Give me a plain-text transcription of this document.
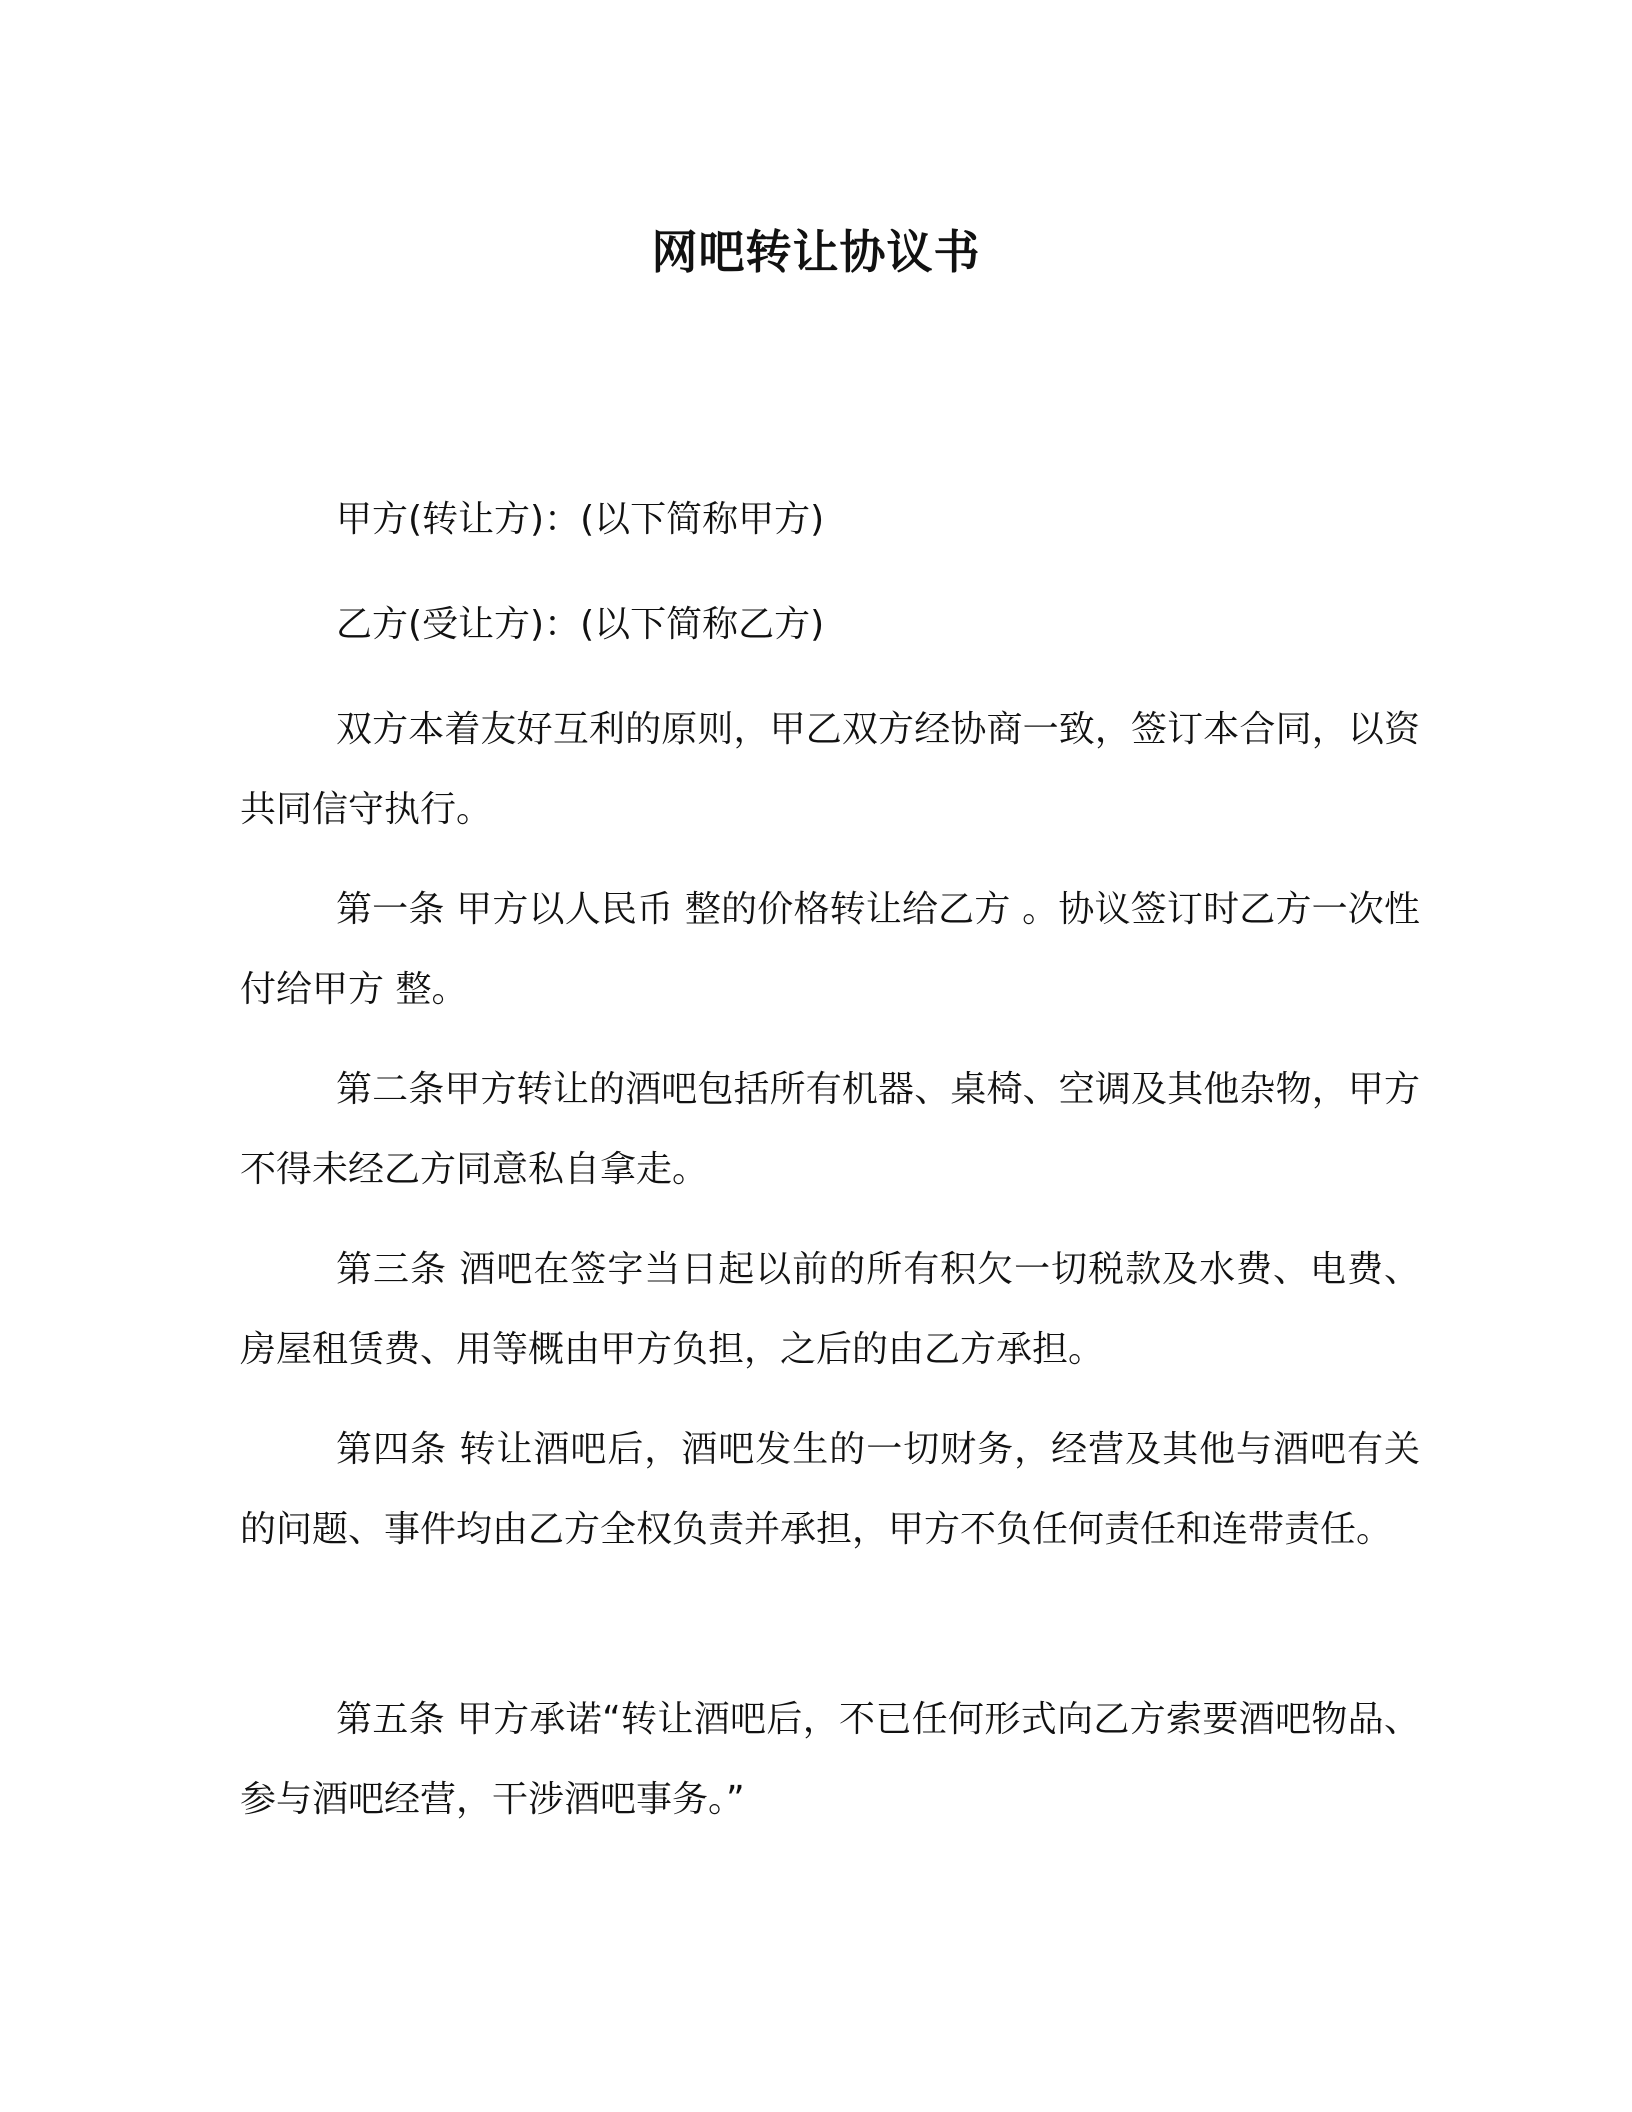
网吧转让协议书

甲方(转让方)：(以下简称甲方)

乙方(受让方)：(以下简称乙方)

双方本着友好互利的原则，甲乙双方经协商一致，签订本合同，以资共同信守执行。

第一条 甲方以人民币 整的价格转让给乙方 。协议签订时乙方一次性付给甲方 整。

第二条甲方转让的酒吧包括所有机器、桌椅、空调及其他杂物，甲方不得未经乙方同意私自拿走。

第三条 酒吧在签字当日起以前的所有积欠一切税款及水费、电费、房屋租赁费、用等概由甲方负担，之后的由乙方承担。

第四条 转让酒吧后，酒吧发生的一切财务，经营及其他与酒吧有关的问题、事件均由乙方全权负责并承担，甲方不负任何责任和连带责任。

第五条 甲方承诺“转让酒吧后，不已任何形式向乙方索要酒吧物品、参与酒吧经营，干涉酒吧事务。”
